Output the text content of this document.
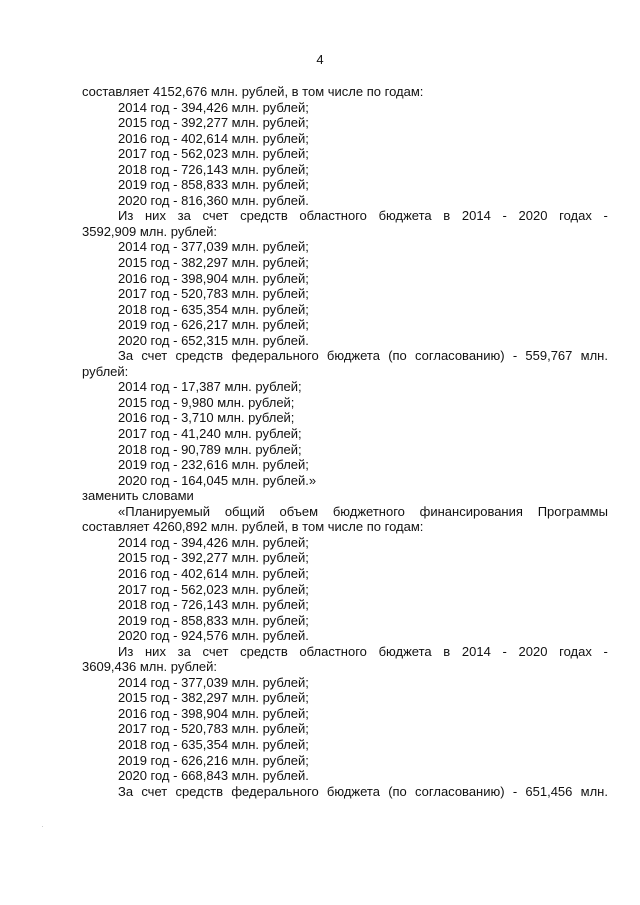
4
составляет 4152,676 млн. рублей, в том числе по годам:
2014 год - 394,426 млн. рублей;
2015 год - 392,277 млн. рублей;
2016 год - 402,614 млн. рублей;
2017 год - 562,023 млн. рублей;
2018 год - 726,143 млн. рублей;
2019 год - 858,833 млн. рублей;
2020 год - 816,360 млн. рублей.
Из них за счет средств областного бюджета в 2014 - 2020 годах -
3592,909 млн. рублей:
2014 год - 377,039 млн. рублей;
2015 год - 382,297 млн. рублей;
2016 год - 398,904 млн. рублей;
2017 год - 520,783 млн. рублей;
2018 год - 635,354 млн. рублей;
2019 год - 626,217 млн. рублей;
2020 год - 652,315 млн. рублей.
За счет средств федерального бюджета (по согласованию) - 559,767 млн.
рублей:
2014 год - 17,387 млн. рублей;
2015 год - 9,980 млн. рублей;
2016 год - 3,710 млн. рублей;
2017 год - 41,240 млн. рублей;
2018 год - 90,789 млн. рублей;
2019 год - 232,616 млн. рублей;
2020 год - 164,045 млн. рублей.»
заменить словами
«Планируемый общий объем бюджетного финансирования Программы
составляет 4260,892 млн. рублей, в том числе по годам:
2014 год - 394,426 млн. рублей;
2015 год - 392,277 млн. рублей;
2016 год - 402,614 млн. рублей;
2017 год - 562,023 млн. рублей;
2018 год - 726,143 млн. рублей;
2019 год - 858,833 млн. рублей;
2020 год - 924,576 млн. рублей.
Из них за счет средств областного бюджета в 2014 - 2020 годах -
3609,436 млн. рублей:
2014 год - 377,039 млн. рублей;
2015 год - 382,297 млн. рублей;
2016 год - 398,904 млн. рублей;
2017 год - 520,783 млн. рублей;
2018 год - 635,354 млн. рублей;
2019 год - 626,216 млн. рублей;
2020 год - 668,843 млн. рублей.
За счет средств федерального бюджета (по согласованию) - 651,456 млн.
